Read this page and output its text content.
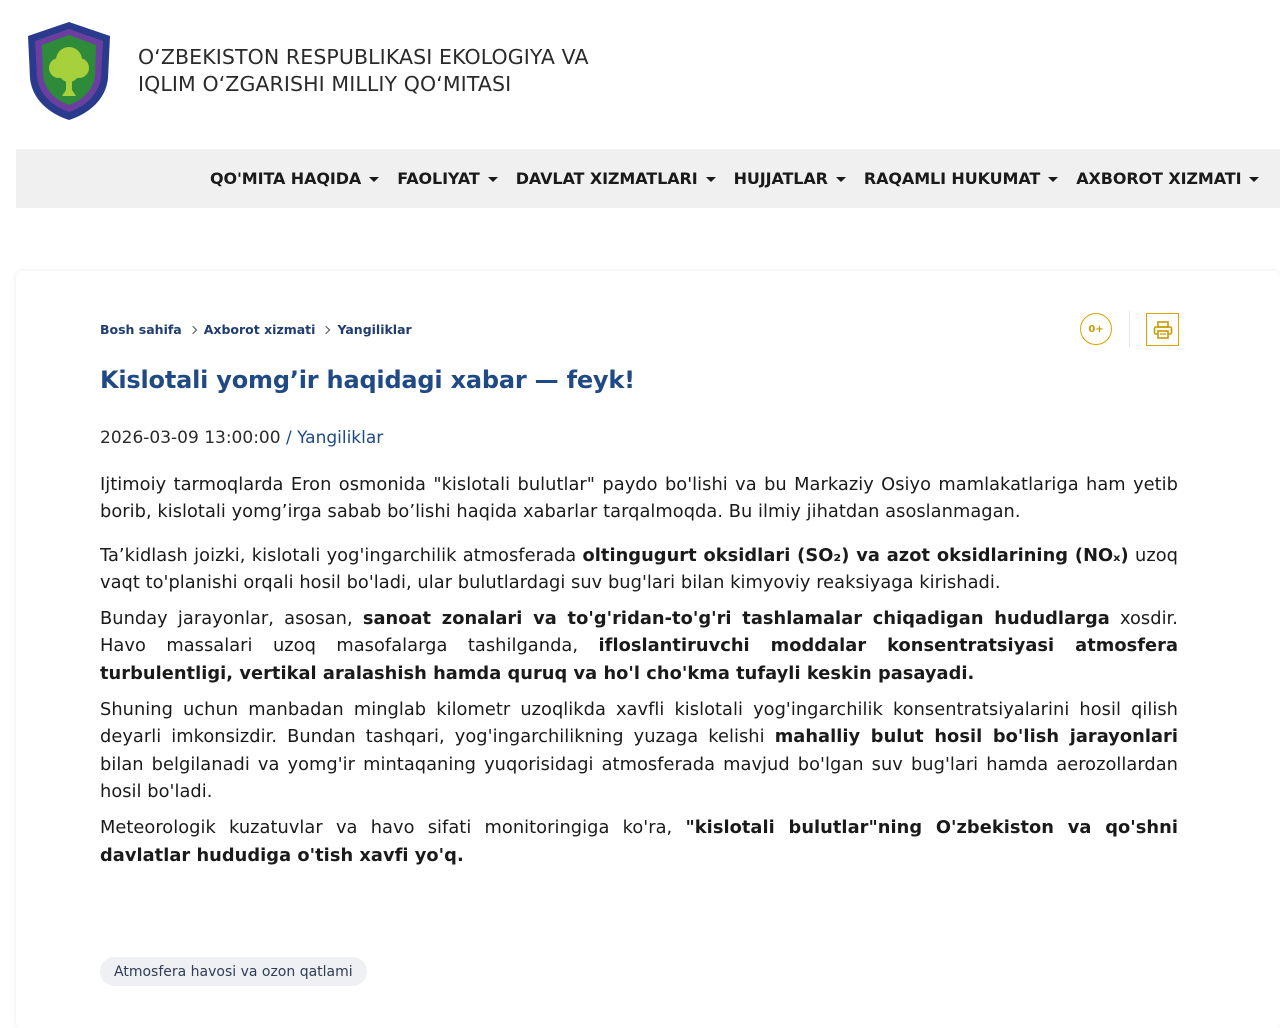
O‘ZBEKISTON RESPUBLIKASI EKOLOGIYA VA
IQLIM O‘ZGARISHI MILLIY QO‘MITASI
QO'MITA HAQIDA FAOLIYAT DAVLAT XIZMATLARI HUJJATLAR RAQAMLI HUKUMAT AXBOROT XIZMATI
Bosh sahifa Axborot xizmati Yangiliklar	0+
Kislotali yomg’ir haqidagi xabar — feyk!
2026-03-09 13:00:00 / Yangiliklar

Ijtimoiy tarmoqlarda Eron osmonida "kislotali bulutlar" paydo bo'lishi va bu Markaziy Osiyo mamlakatlariga ham yetib borib, kislotali yomg’irga sabab bo’lishi haqida xabarlar tarqalmoqda. Bu ilmiy jihatdan asoslanmagan.

Ta’kidlash joizki, kislotali yog'ingarchilik atmosferada oltingugurt oksidlari (SO₂) va azot oksidlarining (NOₓ) uzoq vaqt to'planishi orqali hosil bo'ladi, ular bulutlardagi suv bug'lari bilan kimyoviy reaksiyaga kirishadi.

Bunday jarayonlar, asosan, sanoat zonalari va to'g'ridan-to'g'ri tashlamalar chiqadigan hududlarga xosdir. Havo massalari uzoq masofalarga tashilganda, ifloslantiruvchi moddalar konsentratsiyasi atmosfera turbulentligi, vertikal aralashish hamda quruq va ho'l cho'kma tufayli keskin pasayadi.

Shuning uchun manbadan minglab kilometr uzoqlikda xavfli kislotali yog'ingarchilik konsentratsiyalarini hosil qilish deyarli imkonsizdir. Bundan tashqari, yog'ingarchilikning yuzaga kelishi mahalliy bulut hosil bo'lish jarayonlari bilan belgilanadi va yomg'ir mintaqaning yuqorisidagi atmosferada mavjud bo'lgan suv bug'lari hamda aerozollardan hosil bo'ladi.

Meteorologik kuzatuvlar va havo sifati monitoringiga ko'ra, "kislotali bulutlar"ning O'zbekiston va qo'shni davlatlar hududiga o'tish xavfi yo'q.

Atmosfera havosi va ozon qatlami
